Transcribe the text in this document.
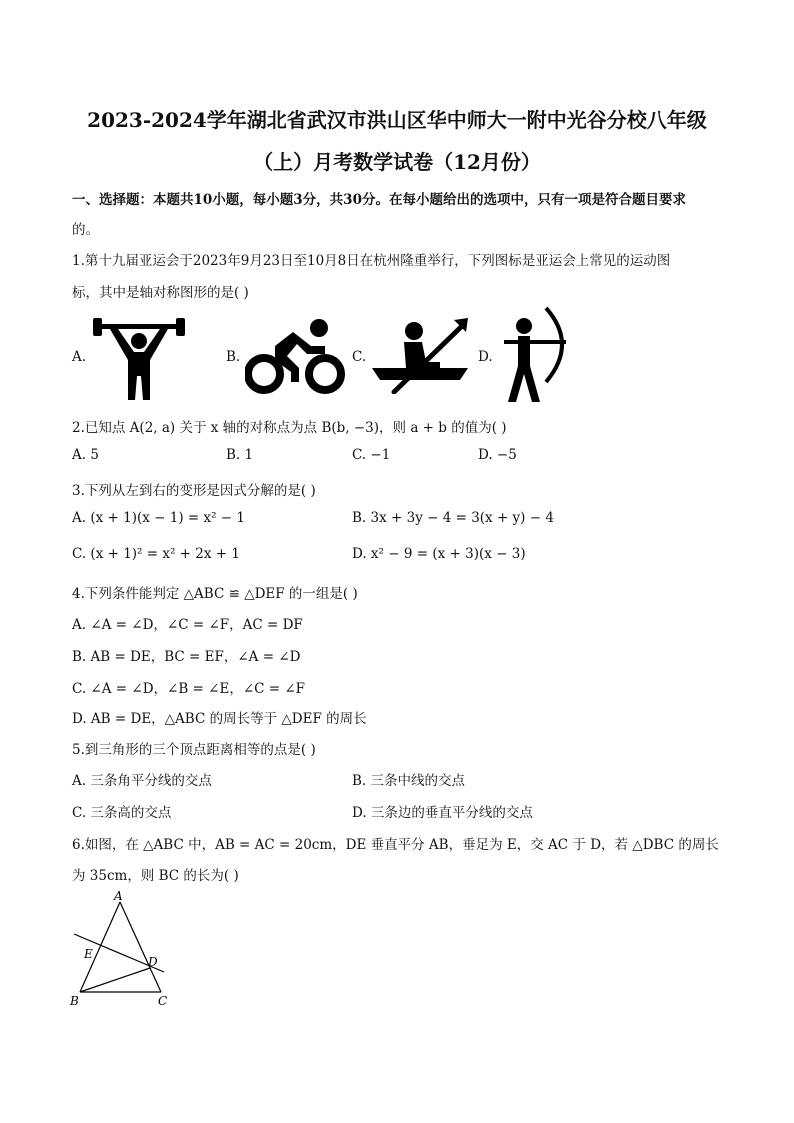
2023-2024学年湖北省武汉市洪山区华中师大一附中光谷分校八年级
（上）月考数学试卷（12月份）
一、选择题：本题共10小题，每小题3分，共30分。在每小题给出的选项中，只有一项是符合题目要求
的。
1.第十九届亚运会于2023年9月23日至10月8日在杭州隆重举行，下列图标是亚运会上常见的运动图
标，其中是轴对称图形的是( )
A.	B.	C.	D.
2.已知点 A(2, a) 关于 x 轴的对称点为点 B(b, −3)，则 a + b 的值为( )
A. 5	B. 1	C. −1	D. −5
3.下列从左到右的变形是因式分解的是( )
A. (x + 1)(x − 1) = x² − 1	B. 3x + 3y − 4 = 3(x + y) − 4
C. (x + 1)² = x² + 2x + 1	D. x² − 9 = (x + 3)(x − 3)
4.下列条件能判定 △ABC ≌ △DEF 的一组是( )
A. ∠A = ∠D，∠C = ∠F，AC = DF
B. AB = DE，BC = EF，∠A = ∠D
C. ∠A = ∠D，∠B = ∠E，∠C = ∠F
D. AB = DE，△ABC 的周长等于 △DEF 的周长
5.到三角形的三个顶点距离相等的点是( )
A. 三条角平分线的交点	B. 三条中线的交点
C. 三条高的交点	D. 三条边的垂直平分线的交点
6.如图，在 △ABC 中，AB = AC = 20cm，DE 垂直平分 AB，垂足为 E，交 AC 于 D，若 △DBC 的周长
为 35cm，则 BC 的长为( )
A
E
D
B	C
